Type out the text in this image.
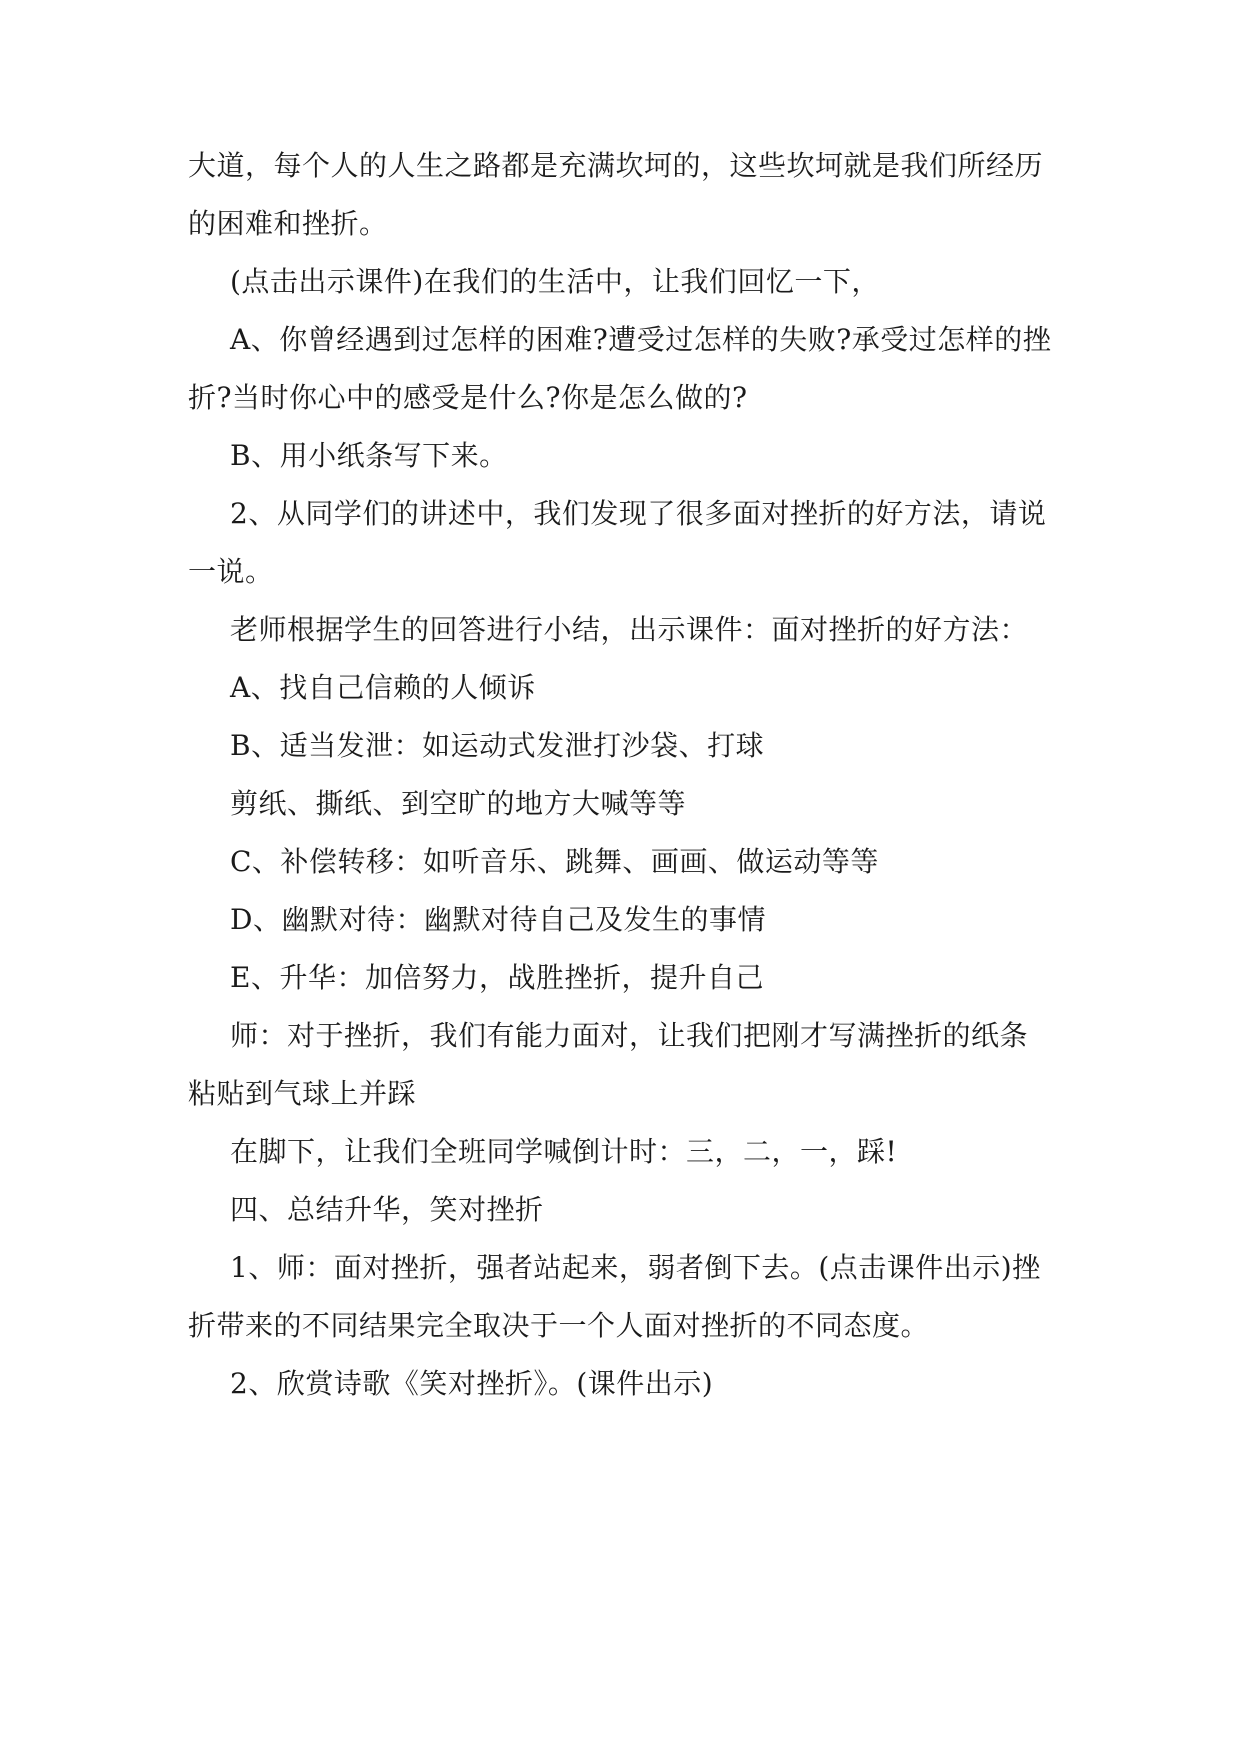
大道，每个人的人生之路都是充满坎坷的，这些坎坷就是我们所经历
的困难和挫折。
(点击出示课件)在我们的生活中，让我们回忆一下，
A、你曾经遇到过怎样的困难?遭受过怎样的失败?承受过怎样的挫
折?当时你心中的感受是什么?你是怎么做的?
B、用小纸条写下来。
2、从同学们的讲述中，我们发现了很多面对挫折的好方法，请说
一说。
老师根据学生的回答进行小结，出示课件：面对挫折的好方法：
A、找自己信赖的人倾诉
B、适当发泄：如运动式发泄打沙袋、打球
剪纸、撕纸、到空旷的地方大喊等等
C、补偿转移：如听音乐、跳舞、画画、做运动等等
D、幽默对待：幽默对待自己及发生的事情
E、升华：加倍努力，战胜挫折，提升自己
师：对于挫折，我们有能力面对，让我们把刚才写满挫折的纸条
粘贴到气球上并踩
在脚下，让我们全班同学喊倒计时：三，二，一，踩!
四、总结升华，笑对挫折
1、师：面对挫折，强者站起来，弱者倒下去。(点击课件出示)挫
折带来的不同结果完全取决于一个人面对挫折的不同态度。
2、欣赏诗歌《笑对挫折》。(课件出示)
